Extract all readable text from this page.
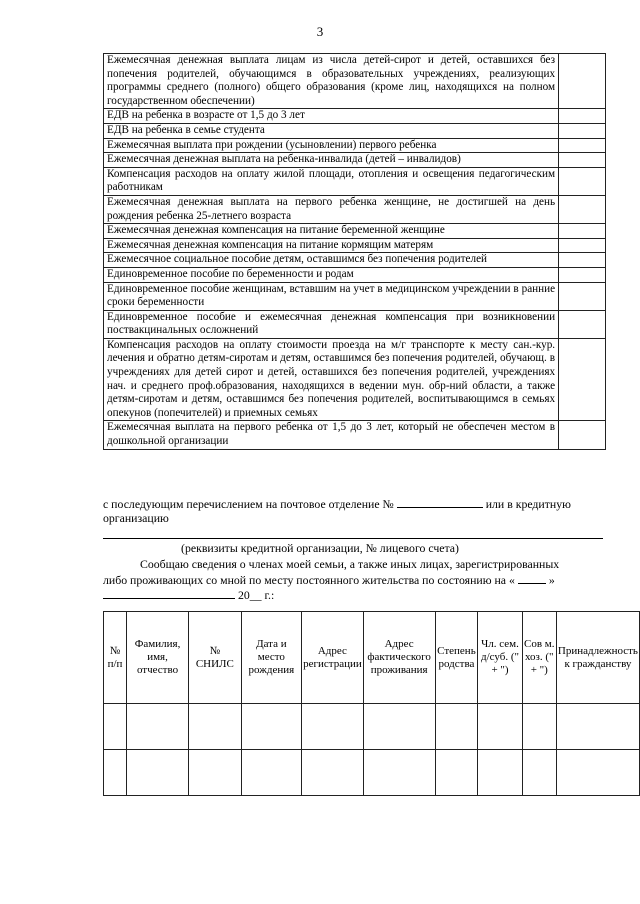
3
Ежемесячная денежная выплата лицам из числа детей-сирот и детей, оставшихся без попечения родителей, обучающимся в образовательных учреждениях, реализующих программы среднего (полного) общего образования (кроме лиц, находящихся на полном государственном обеспечении)	
ЕДВ на ребенка в возрасте от 1,5 до 3 лет	
ЕДВ на ребенка в семье студента	
Ежемесячная выплата при рождении (усыновлении) первого ребенка	
Ежемесячная денежная выплата на ребенка-инвалида (детей – инвалидов)	
Компенсация расходов на оплату жилой площади, отопления и освещения педагогическим работникам	
Ежемесячная денежная выплата на первого ребенка женщине, не достигшей на день рождения ребенка 25-летнего возраста	
Ежемесячная денежная компенсация на питание беременной женщине	
Ежемесячная денежная компенсация на питание кормящим матерям	
Ежемесячное социальное пособие детям, оставшимся без попечения родителей	
Единовременное пособие по беременности и родам	
Единовременное пособие женщинам, вставшим на учет в медицинском учреждении в ранние сроки беременности	
Единовременное пособие и ежемесячная денежная компенсация при возникновении поствакцинальных осложнений	
Компенсация расходов на оплату стоимости проезда на м/г транспорте к месту сан.-кур. лечения и обратно детям-сиротам и детям, оставшимся без попечения родителей, обучающ. в учреждениях для детей сирот и детей, оставшихся без попечения родителей, учреждениях нач. и среднего проф.образования, находящихся в ведении мун. обр-ний области, а также детям-сиротам и детям, оставшимся без попечения родителей, воспитывающимся в семьях опекунов (попечителей) и приемных семьях	
Ежемесячная выплата на первого ребенка от 1,5 до 3 лет, который не обеспечен местом в дошкольной организации	
с последующим перечислением на почтовое отделение №	или в кредитную
организацию
(реквизиты кредитной организации, № лицевого счета)
Сообщаю сведения о членах моей семьи, а также иных лицах, зарегистрированных
либо проживающих со мной по месту постоянного жительства по состоянию на «	»
20__ г.:
№ п/п	Фамилия, имя, отчество	№ СНИЛС	Дата и место рождения	Адрес регистрации	Адрес фактического проживания	Степень родства	Чл. сем. д/суб. (" + ")	Сов м. хоз. (" + ")	Принадлежность к гражданству
